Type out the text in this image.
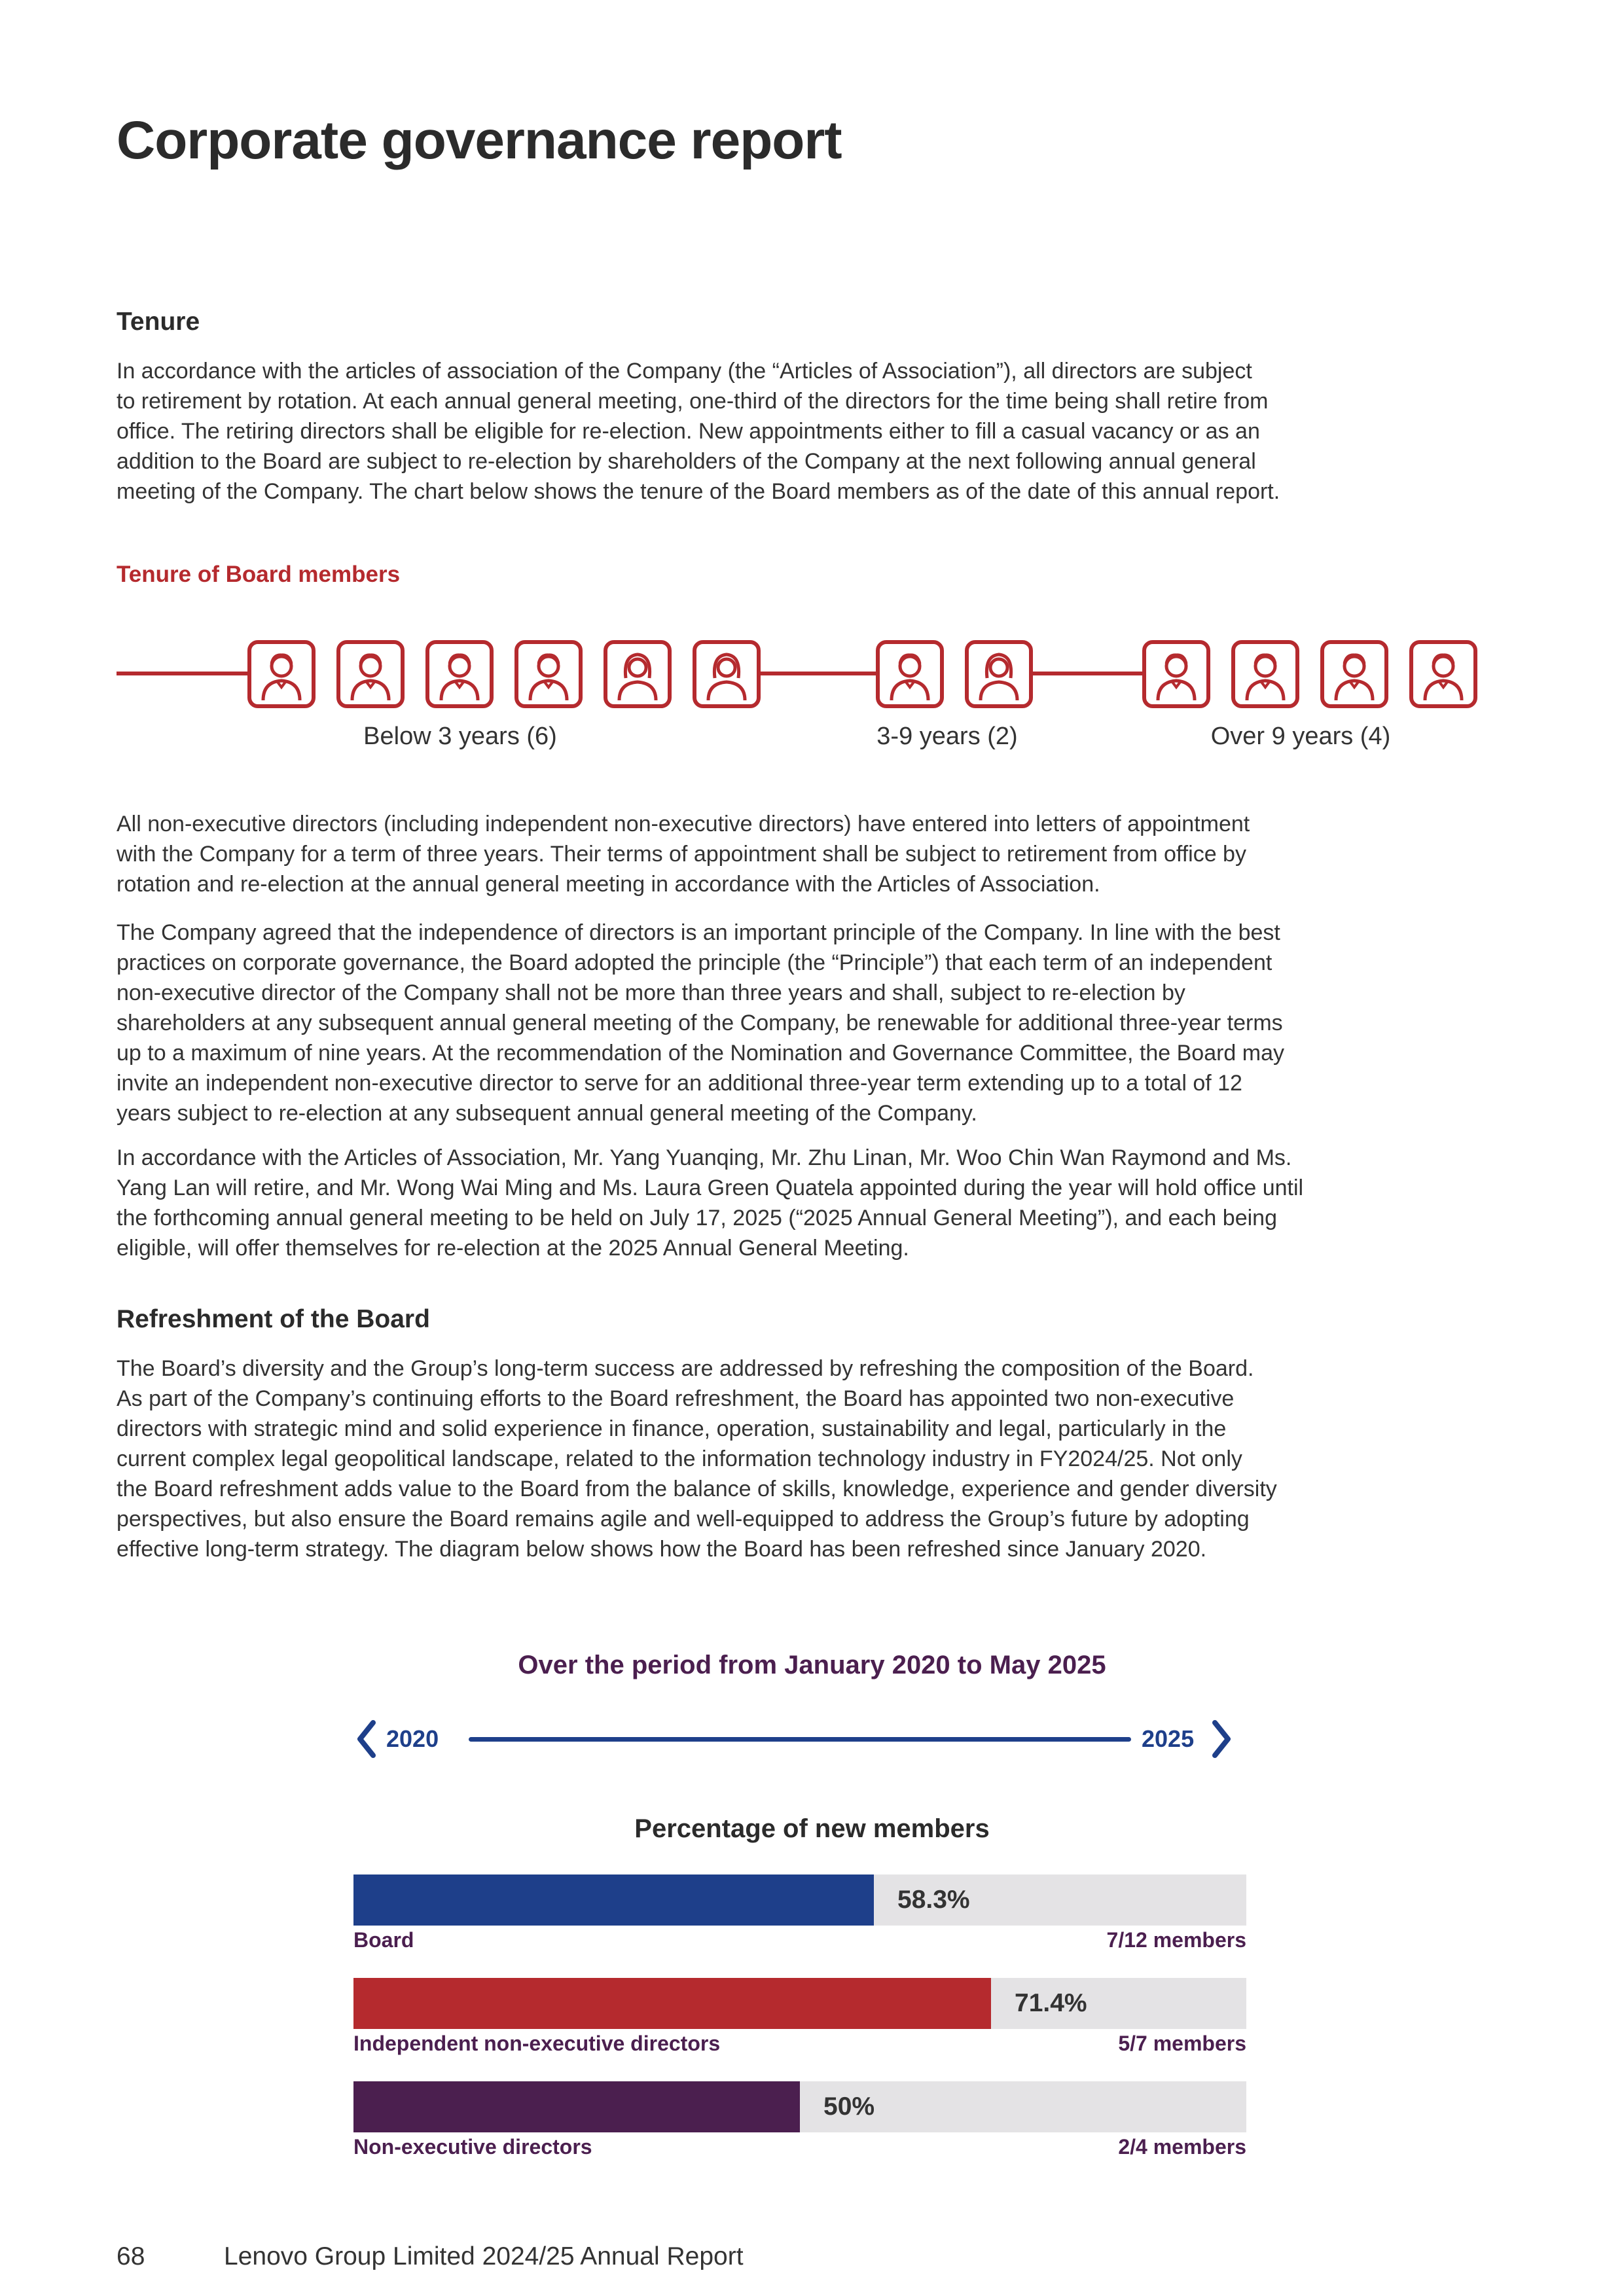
Corporate governance report
Tenure
In accordance with the articles of association of the Company (the “Articles of Association”), all directors are subject
to retirement by rotation. At each annual general meeting, one-third of the directors for the time being shall retire from
office. The retiring directors shall be eligible for re-election. New appointments either to fill a casual vacancy or as an
addition to the Board are subject to re-election by shareholders of the Company at the next following annual general
meeting of the Company. The chart below shows the tenure of the Board members as of the date of this annual report.
Tenure of Board members
Below 3 years (6)	3-9 years (2)	Over 9 years (4)
All non-executive directors (including independent non-executive directors) have entered into letters of appointment
with the Company for a term of three years. Their terms of appointment shall be subject to retirement from office by
rotation and re-election at the annual general meeting in accordance with the Articles of Association.
The Company agreed that the independence of directors is an important principle of the Company. In line with the best
practices on corporate governance, the Board adopted the principle (the “Principle”) that each term of an independent
non-executive director of the Company shall not be more than three years and shall, subject to re-election by
shareholders at any subsequent annual general meeting of the Company, be renewable for additional three-year terms
up to a maximum of nine years. At the recommendation of the Nomination and Governance Committee, the Board may
invite an independent non-executive director to serve for an additional three-year term extending up to a total of 12
years subject to re-election at any subsequent annual general meeting of the Company.
In accordance with the Articles of Association, Mr. Yang Yuanqing, Mr. Zhu Linan, Mr. Woo Chin Wan Raymond and Ms.
Yang Lan will retire, and Mr. Wong Wai Ming and Ms. Laura Green Quatela appointed during the year will hold office until
the forthcoming annual general meeting to be held on July 17, 2025 (“2025 Annual General Meeting”), and each being
eligible, will offer themselves for re-election at the 2025 Annual General Meeting.
Refreshment of the Board
The Board’s diversity and the Group’s long-term success are addressed by refreshing the composition of the Board.
As part of the Company’s continuing efforts to the Board refreshment, the Board has appointed two non-executive
directors with strategic mind and solid experience in finance, operation, sustainability and legal, particularly in the
current complex legal geopolitical landscape, related to the information technology industry in FY2024/25. Not only
the Board refreshment adds value to the Board from the balance of skills, knowledge, experience and gender diversity
perspectives, but also ensure the Board remains agile and well-equipped to address the Group’s future by adopting
effective long-term strategy. The diagram below shows how the Board has been refreshed since January 2020.
Over the period from January 2020 to May 2025
2020	2025
Percentage of new members
58.3%
Board	7/12 members
71.4%
Independent non-executive directors	5/7 members
50%
Non-executive directors	2/4 members
68	Lenovo Group Limited 2024/25 Annual Report
